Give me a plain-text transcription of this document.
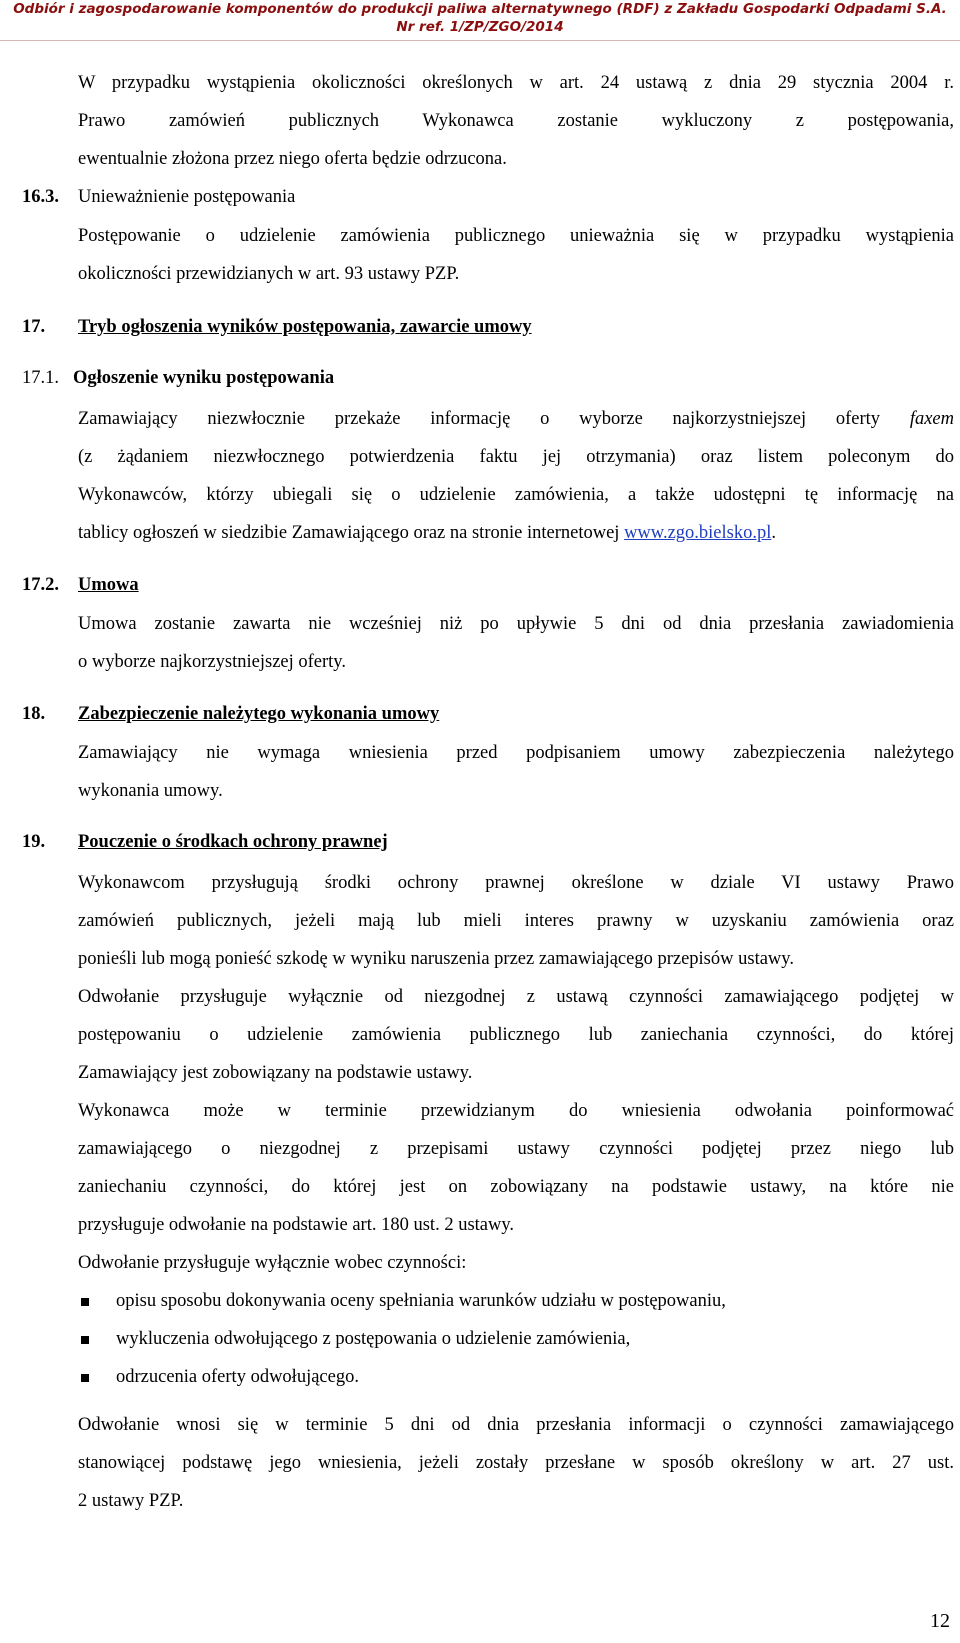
Odbiór i zagospodarowanie komponentów do produkcji paliwa alternatywnego (RDF) z Zakładu Gospodarki Odpadami S.A.
Nr ref. 1/ZP/ZGO/2014
W przypadku wystąpienia okoliczności określonych w art. 24 ustawą z dnia 29 stycznia 2004 r.
Prawo zamówień publicznych Wykonawca zostanie wykluczony z postępowania,
ewentualnie złożona przez niego oferta będzie odrzucona.
16.3. Unieważnienie postępowania
Postępowanie o udzielenie zamówienia publicznego unieważnia się w przypadku wystąpienia
okoliczności przewidzianych w art. 93 ustawy PZP.
17. Tryb ogłoszenia wyników postępowania, zawarcie umowy
17.1. Ogłoszenie wyniku postępowania
Zamawiający niezwłocznie przekaże informację o wyborze najkorzystniejszej oferty faxem
(z żądaniem niezwłocznego potwierdzenia faktu jej otrzymania) oraz listem poleconym do
Wykonawców, którzy ubiegali się o udzielenie zamówienia, a także udostępni tę informację na
tablicy ogłoszeń w siedzibie Zamawiającego oraz na stronie internetowej www.zgo.bielsko.pl.
17.2. Umowa
Umowa zostanie zawarta nie wcześniej niż po upływie 5 dni od dnia przesłania zawiadomienia
o wyborze najkorzystniejszej oferty.
18. Zabezpieczenie należytego wykonania umowy
Zamawiający nie wymaga wniesienia przed podpisaniem umowy zabezpieczenia należytego
wykonania umowy.
19. Pouczenie o środkach ochrony prawnej
Wykonawcom przysługują środki ochrony prawnej określone w dziale VI ustawy Prawo
zamówień publicznych, jeżeli mają lub mieli interes prawny w uzyskaniu zamówienia oraz
ponieśli lub mogą ponieść szkodę w wyniku naruszenia przez zamawiającego przepisów ustawy.
Odwołanie przysługuje wyłącznie od niezgodnej z ustawą czynności zamawiającego podjętej w
postępowaniu o udzielenie zamówienia publicznego lub zaniechania czynności, do której
Zamawiający jest zobowiązany na podstawie ustawy.
Wykonawca może w terminie przewidzianym do wniesienia odwołania poinformować
zamawiającego o niezgodnej z przepisami ustawy czynności podjętej przez niego lub
zaniechaniu czynności, do której jest on zobowiązany na podstawie ustawy, na które nie
przysługuje odwołanie na podstawie art. 180 ust. 2 ustawy.
Odwołanie przysługuje wyłącznie wobec czynności:
opisu sposobu dokonywania oceny spełniania warunków udziału w postępowaniu,
wykluczenia odwołującego z postępowania o udzielenie zamówienia,
odrzucenia oferty odwołującego.
Odwołanie wnosi się w terminie 5 dni od dnia przesłania informacji o czynności zamawiającego
stanowiącej podstawę jego wniesienia, jeżeli zostały przesłane w sposób określony w art. 27 ust.
2 ustawy PZP.
12
